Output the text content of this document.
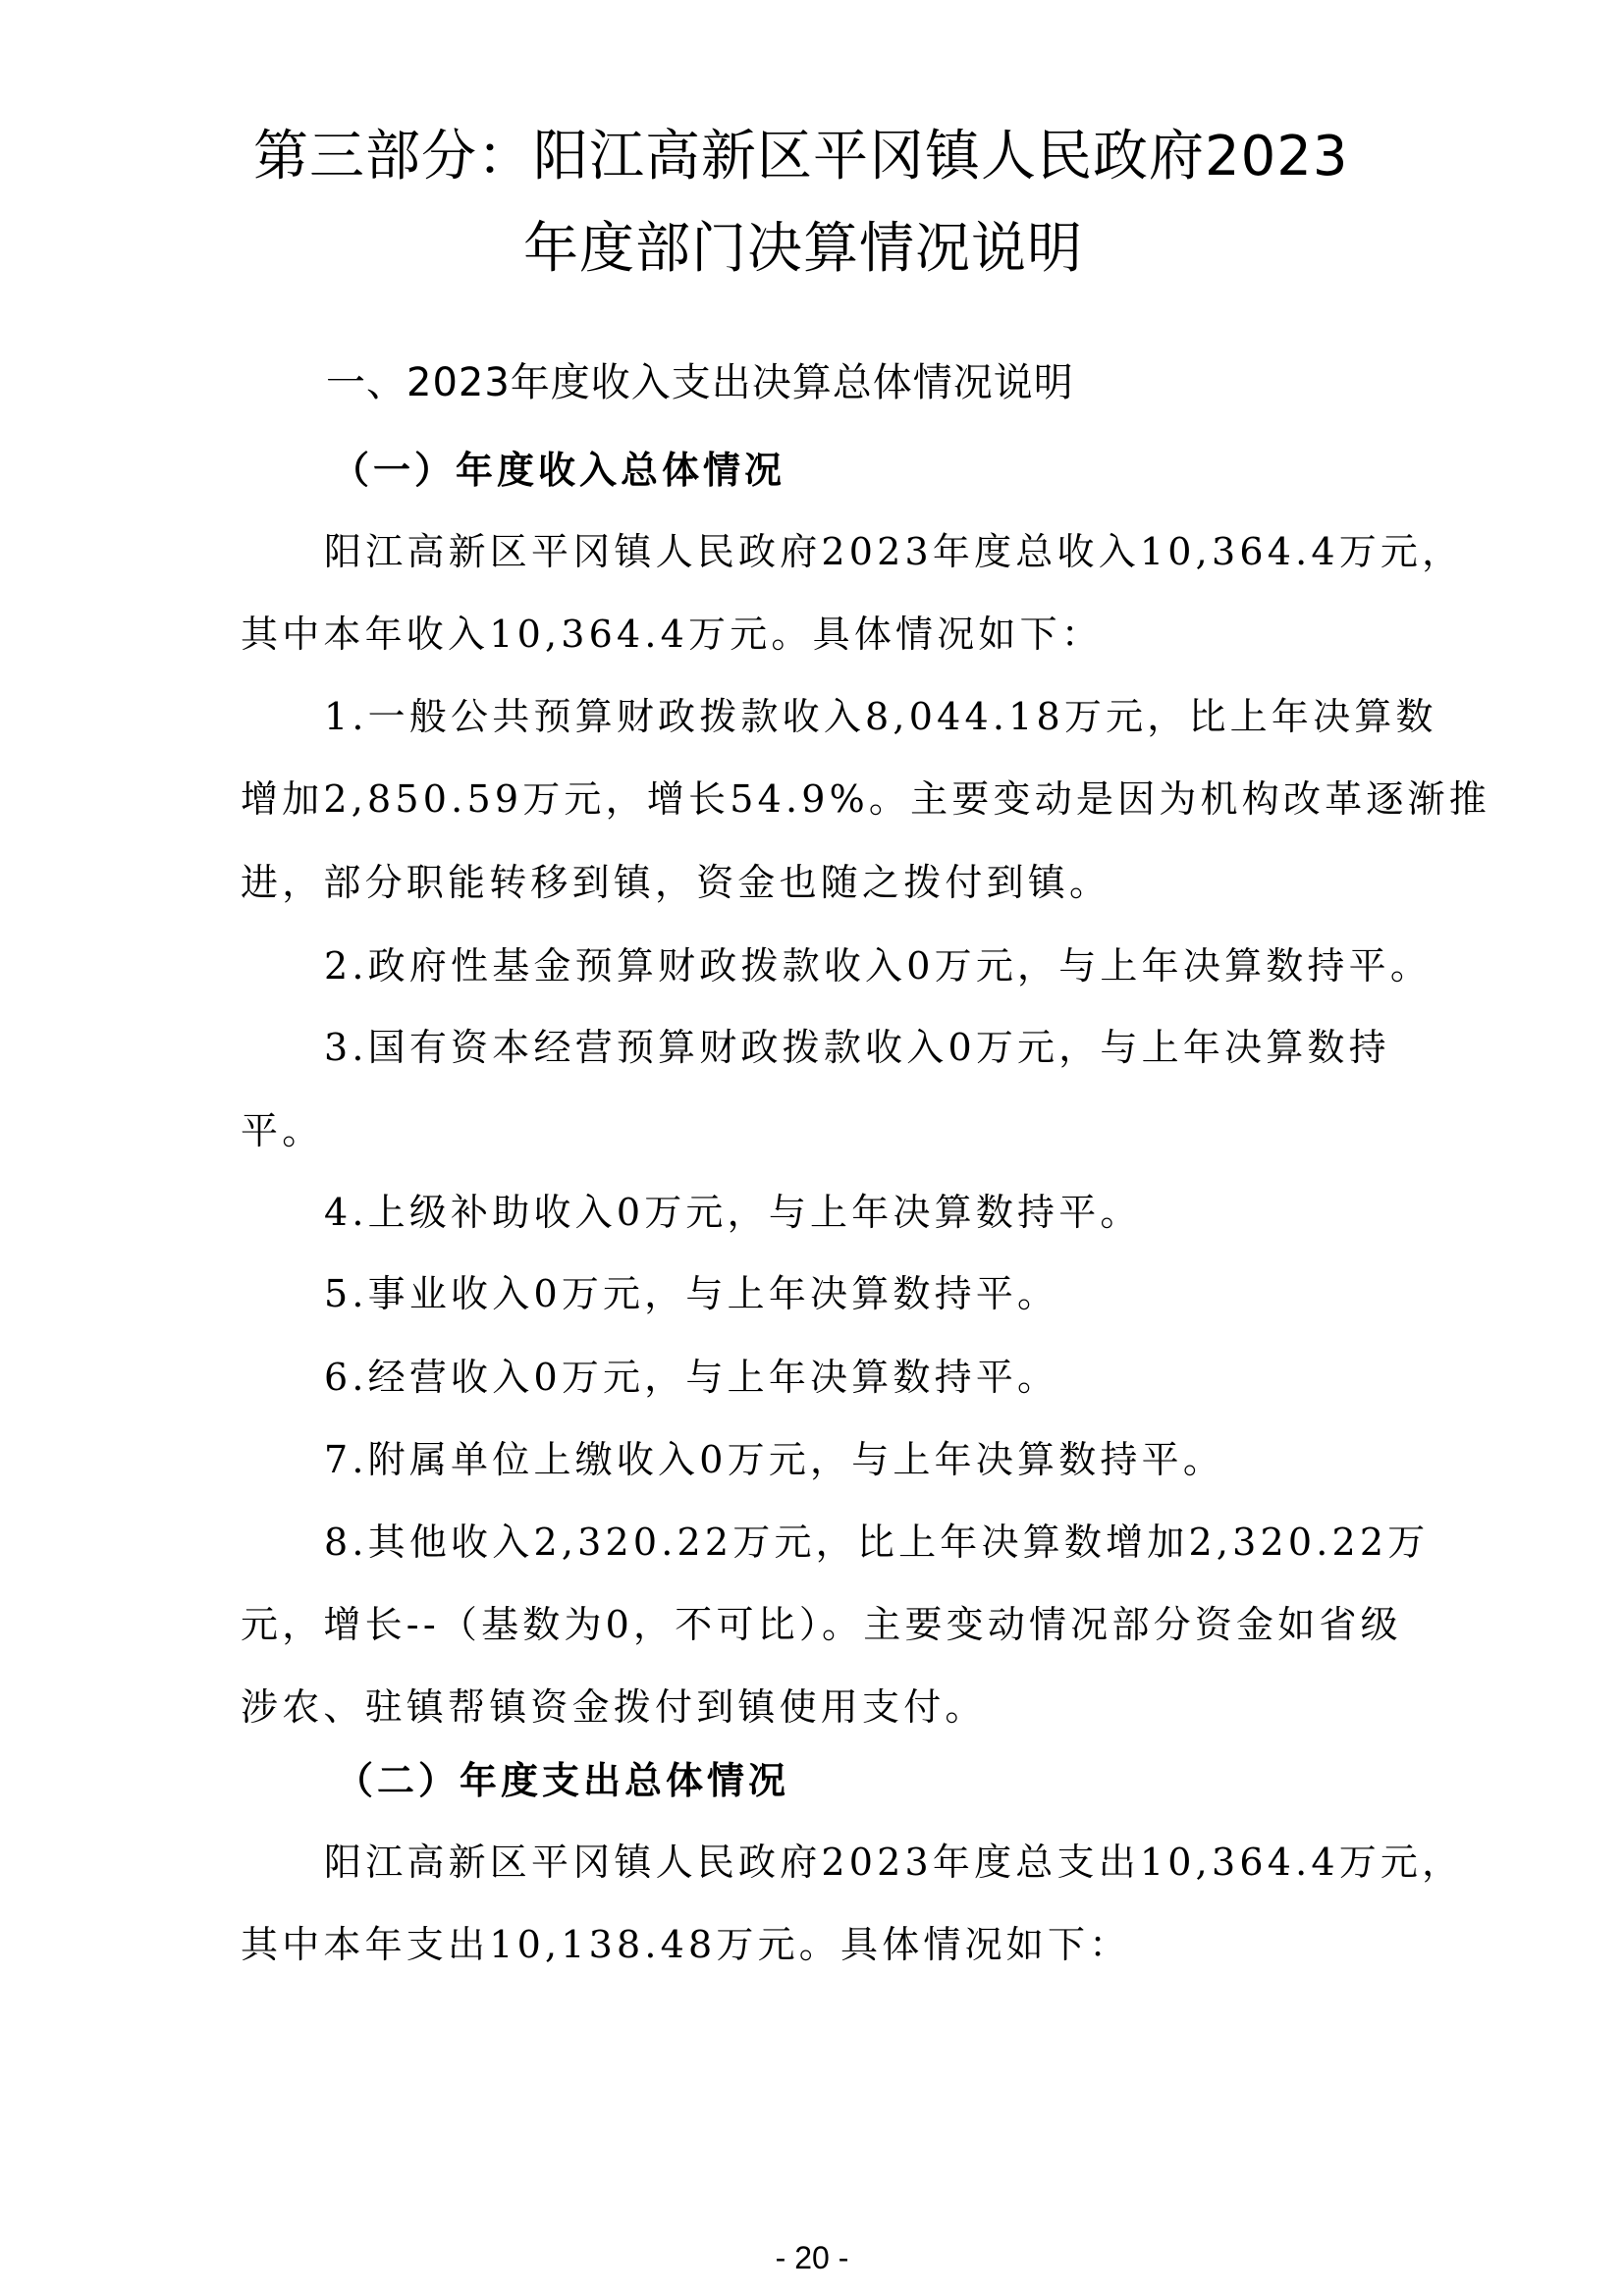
第三部分：阳江高新区平冈镇人民政府2023
年度部门决算情况说明
一、2023年度收入支出决算总体情况说明
（一）年度收入总体情况
阳江高新区平冈镇人民政府2023年度总收入10,364.4万元，
其中本年收入10,364.4万元。具体情况如下：
1.一般公共预算财政拨款收入8,044.18万元，比上年决算数
增加2,850.59万元，增长54.9%。主要变动是因为机构改革逐渐推
进，部分职能转移到镇，资金也随之拨付到镇。
2.政府性基金预算财政拨款收入0万元，与上年决算数持平。
3.国有资本经营预算财政拨款收入0万元，与上年决算数持
平。
4.上级补助收入0万元，与上年决算数持平。
5.事业收入0万元，与上年决算数持平。
6.经营收入0万元，与上年决算数持平。
7.附属单位上缴收入0万元，与上年决算数持平。
8.其他收入2,320.22万元，比上年决算数增加2,320.22万
元，增长--（基数为0，不可比）。主要变动情况部分资金如省级
涉农、驻镇帮镇资金拨付到镇使用支付。
（二）年度支出总体情况
阳江高新区平冈镇人民政府2023年度总支出10,364.4万元，
其中本年支出10,138.48万元。具体情况如下：
- 20 -
